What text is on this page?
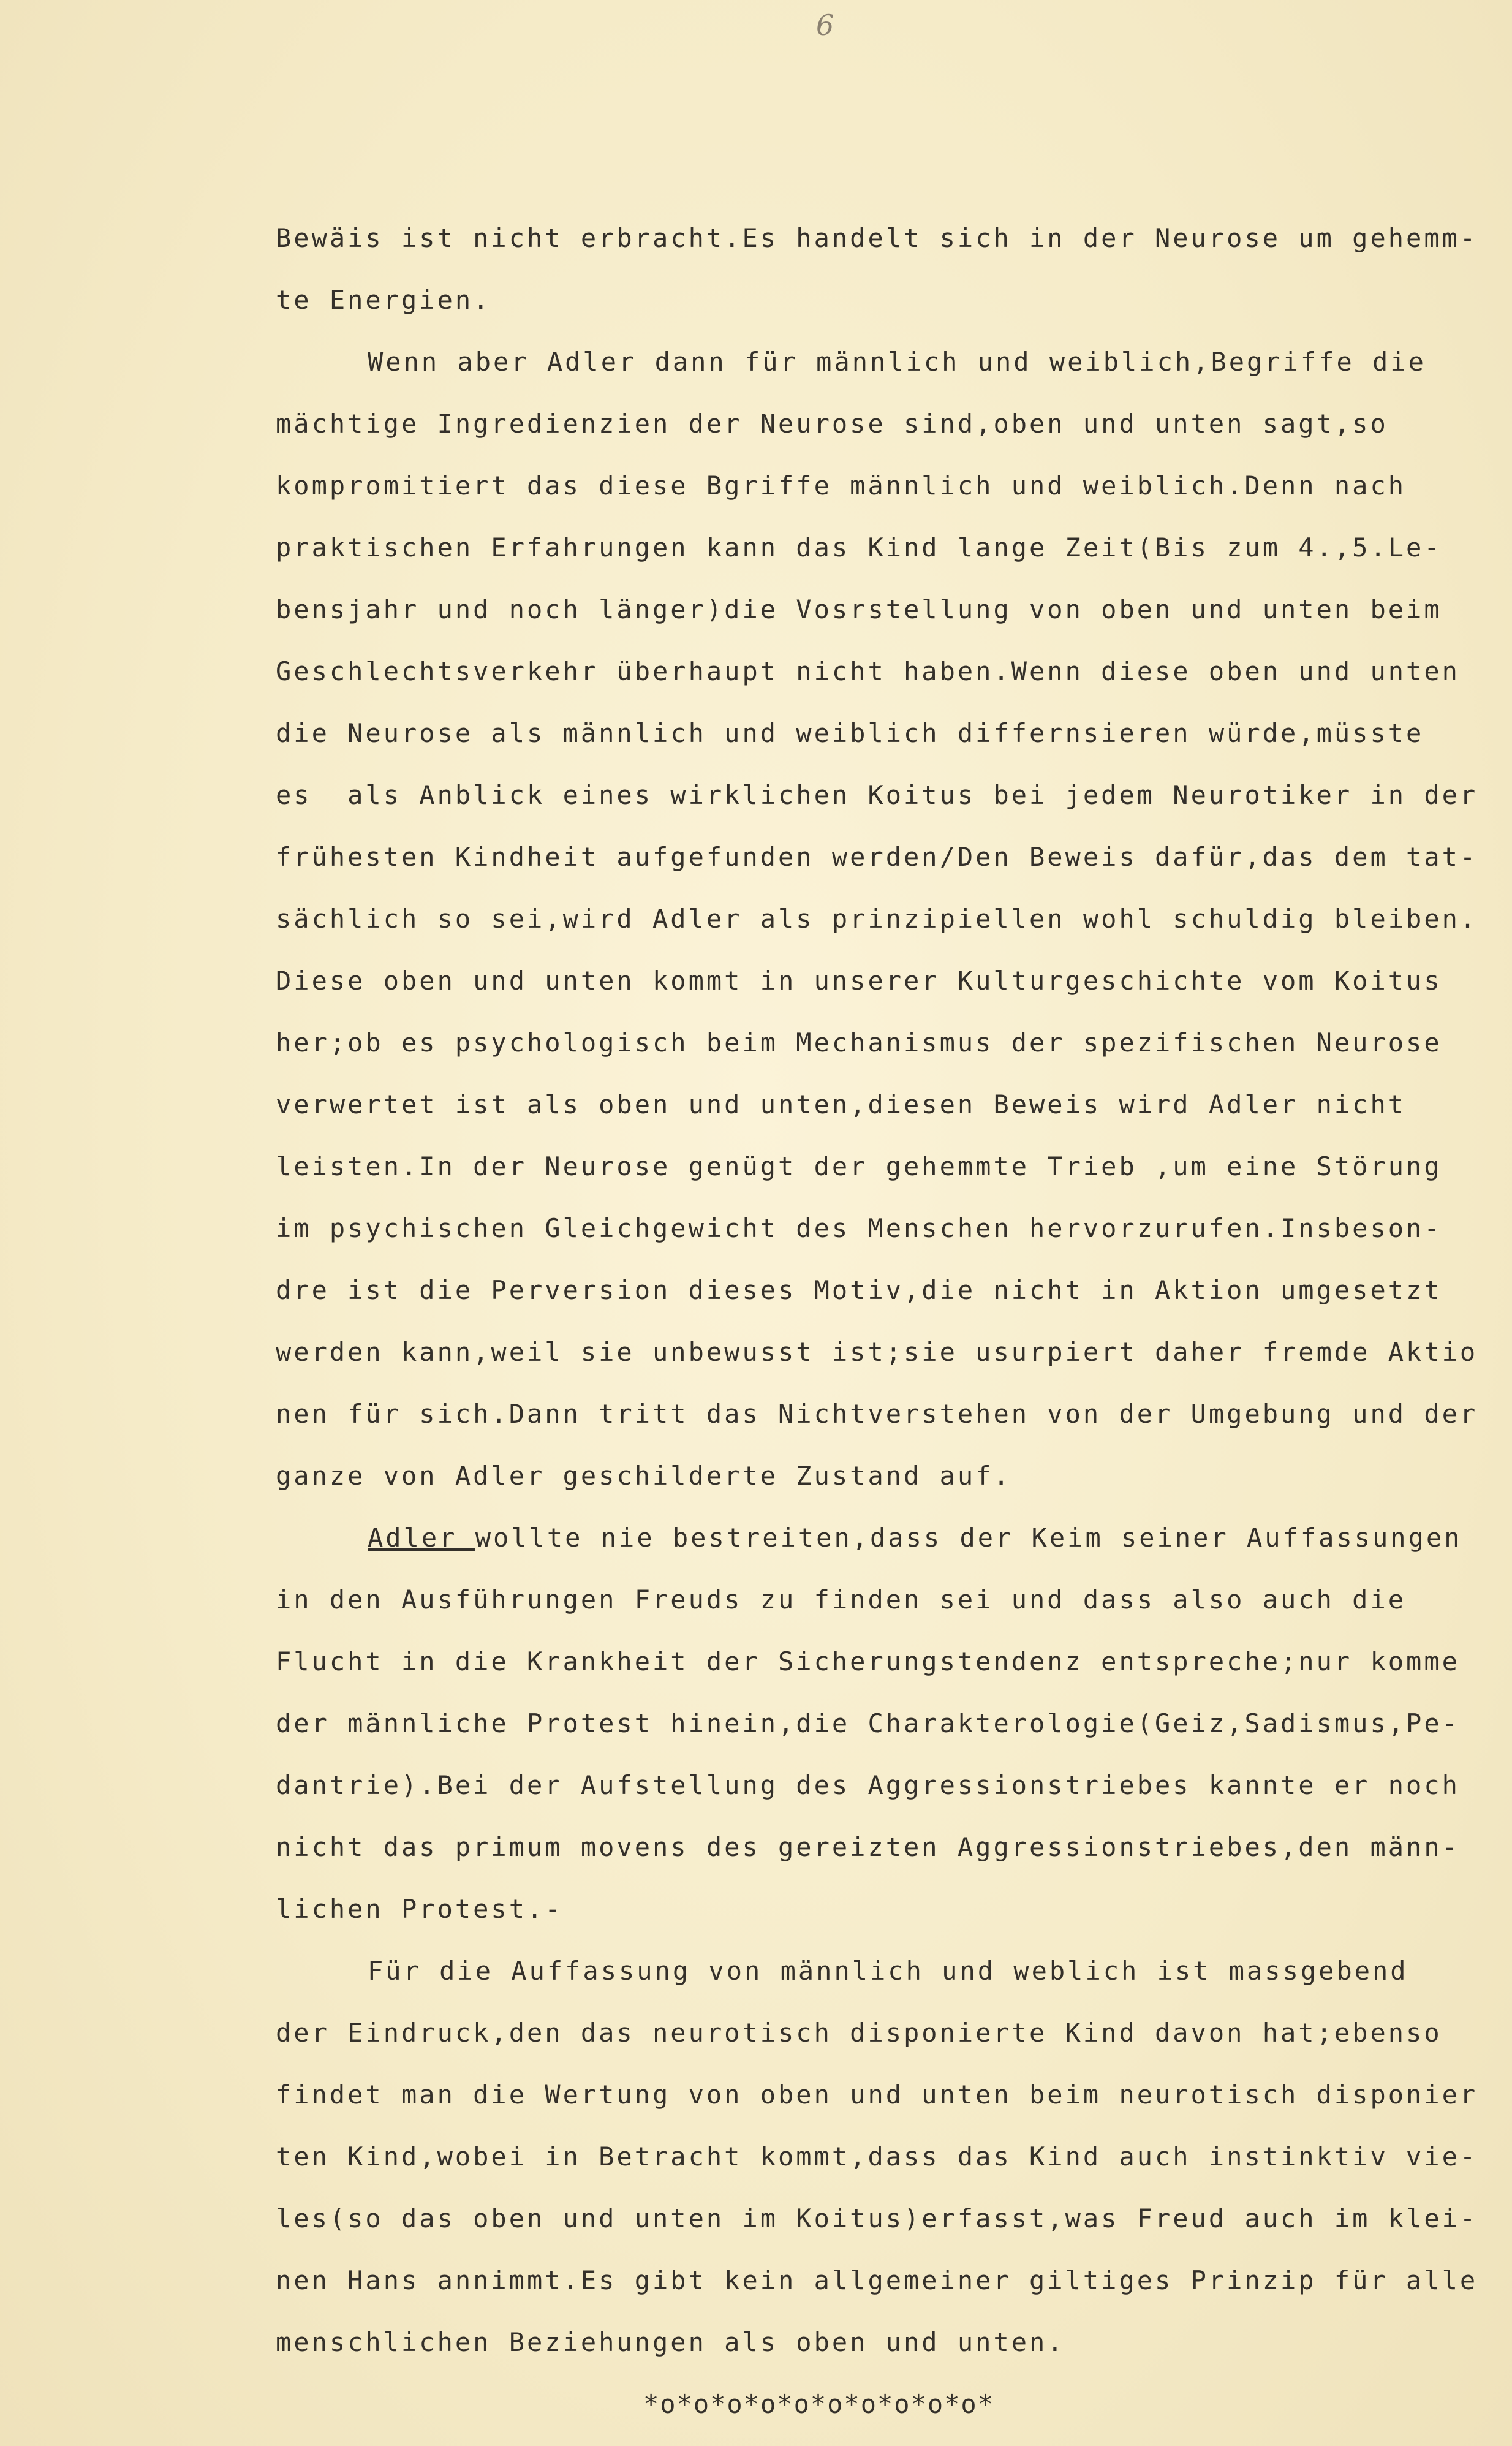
6
Bewäis ist nicht erbracht.Es handelt sich in der Neurose um gehemm-
te Energien.
Wenn aber Adler dann für männlich und weiblich,Begriffe die
mächtige Ingredienzien der Neurose sind,oben und unten sagt,so
kompromitiert das diese Bgriffe männlich und weiblich.Denn nach
praktischen Erfahrungen kann das Kind lange Zeit(Bis zum 4.,5.Le-
bensjahr und noch länger)die Vosrstellung von oben und unten beim
Geschlechtsverkehr überhaupt nicht haben.Wenn diese oben und unten
die Neurose als männlich und weiblich differnsieren würde,müsste
es  als Anblick eines wirklichen Koitus bei jedem Neurotiker in der
frühesten Kindheit aufgefunden werden/Den Beweis dafür,das dem tat-
sächlich so sei,wird Adler als prinzipiellen wohl schuldig bleiben.
Diese oben und unten kommt in unserer Kulturgeschichte vom Koitus
her;ob es psychologisch beim Mechanismus der spezifischen Neurose
verwertet ist als oben und unten,diesen Beweis wird Adler nicht
leisten.In der Neurose genügt der gehemmte Trieb ,um eine Störung
im psychischen Gleichgewicht des Menschen hervorzurufen.Insbeson-
dre ist die Perversion dieses Motiv,die nicht in Aktion umgesetzt
werden kann,weil sie unbewusst ist;sie usurpiert daher fremde Aktio
nen für sich.Dann tritt das Nichtverstehen von der Umgebung und der
ganze von Adler geschilderte Zustand auf.
Adler wollte nie bestreiten,dass der Keim seiner Auffassungen
in den Ausführungen Freuds zu finden sei und dass also auch die
Flucht in die Krankheit der Sicherungstendenz entspreche;nur komme
der männliche Protest hinein,die Charakterologie(Geiz,Sadismus,Pe-
dantrie).Bei der Aufstellung des Aggressionstriebes kannte er noch
nicht das primum movens des gereizten Aggressionstriebes,den männ-
lichen Protest.-
Für die Auffassung von männlich und weblich ist massgebend
der Eindruck,den das neurotisch disponierte Kind davon hat;ebenso
findet man die Wertung von oben und unten beim neurotisch disponier
ten Kind,wobei in Betracht kommt,dass das Kind auch instinktiv vie-
les(so das oben und unten im Koitus)erfasst,was Freud auch im klei-
nen Hans annimmt.Es gibt kein allgemeiner giltiges Prinzip für alle
menschlichen Beziehungen als oben und unten.
*o*o*o*o*o*o*o*o*o*o*
